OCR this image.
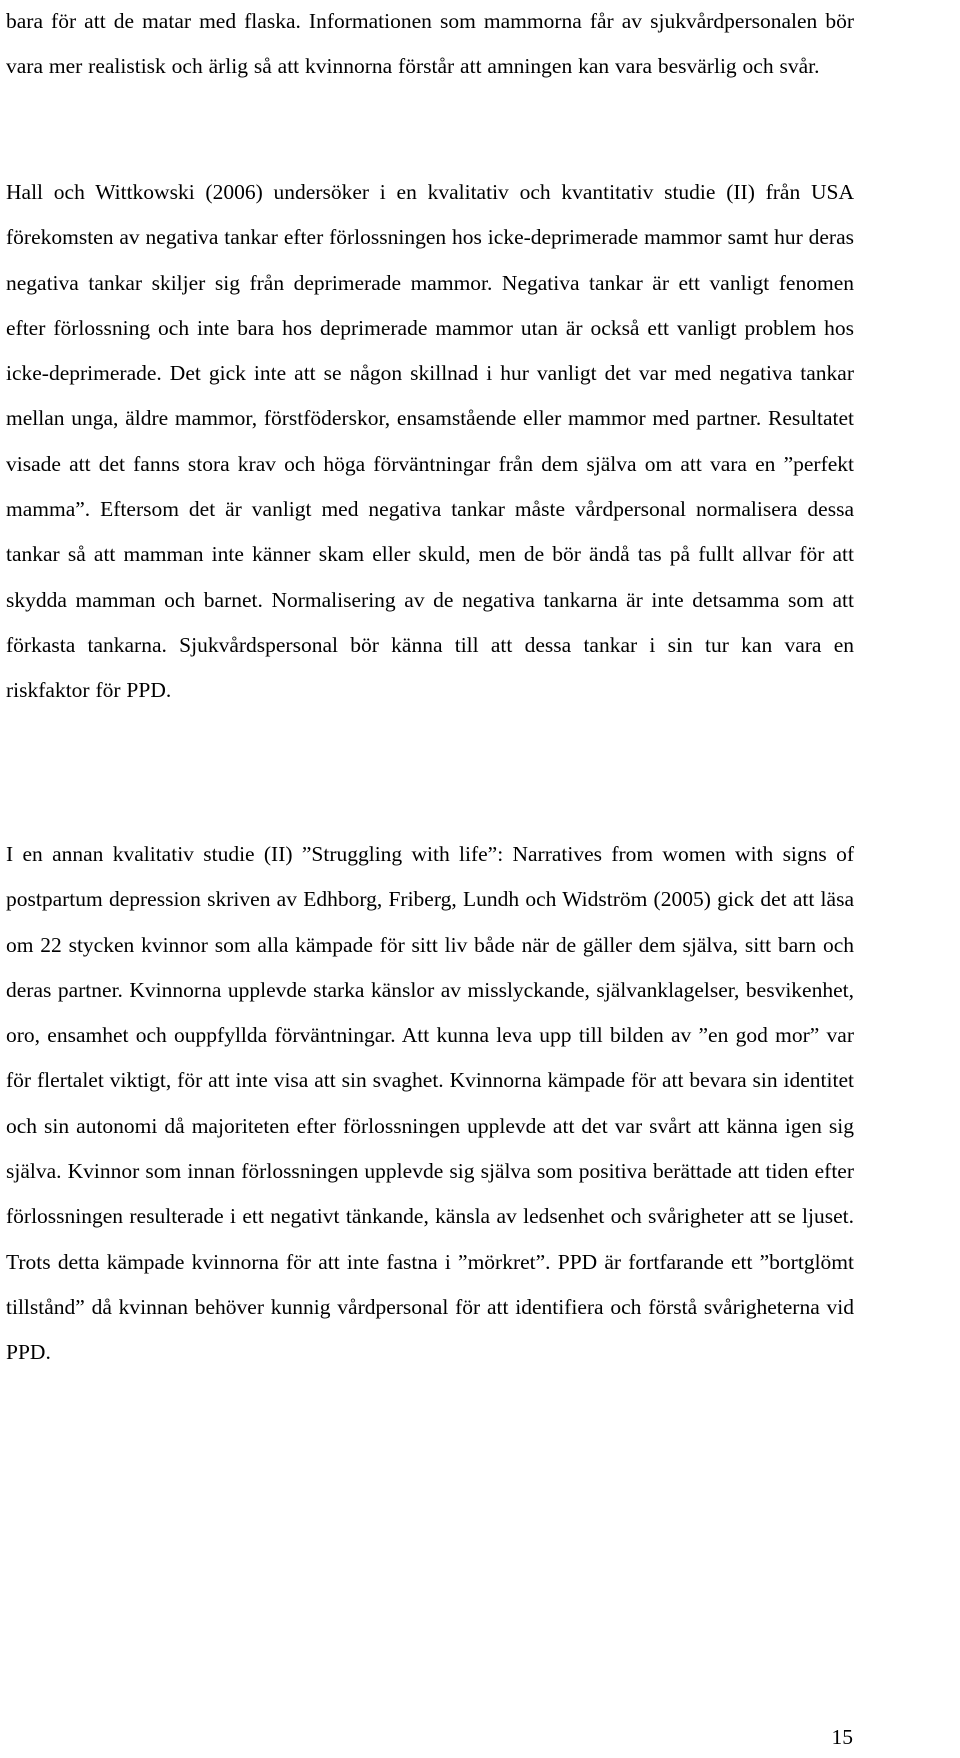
bara för att de matar med flaska. Informationen som mammorna får av sjukvårdpersonalen bör vara mer realistisk och ärlig så att kvinnorna förstår att amningen kan vara besvärlig och svår.

Hall och Wittkowski (2006) undersöker i en kvalitativ och kvantitativ studie (II) från USA förekomsten av negativa tankar efter förlossningen hos icke-deprimerade mammor samt hur deras negativa tankar skiljer sig från deprimerade mammor. Negativa tankar är ett vanligt fenomen efter förlossning och inte bara hos deprimerade mammor utan är också ett vanligt problem hos icke-deprimerade. Det gick inte att se någon skillnad i hur vanligt det var med negativa tankar mellan unga, äldre mammor, förstföderskor, ensamstående eller mammor med partner. Resultatet visade att det fanns stora krav och höga förväntningar från dem själva om att vara en ”perfekt mamma”. Eftersom det är vanligt med negativa tankar måste vårdpersonal normalisera dessa tankar så att mamman inte känner skam eller skuld, men de bör ändå tas på fullt allvar för att skydda mamman och barnet. Normalisering av de negativa tankarna är inte detsamma som att förkasta tankarna. Sjukvårdspersonal bör känna till att dessa tankar i sin tur kan vara en riskfaktor för PPD.

I en annan kvalitativ studie (II) ”Struggling with life”: Narratives from women with signs of postpartum depression skriven av Edhborg, Friberg, Lundh och Widström (2005) gick det att läsa om 22 stycken kvinnor som alla kämpade för sitt liv både när de gäller dem själva, sitt barn och deras partner. Kvinnorna upplevde starka känslor av misslyckande, självanklagelser, besvikenhet, oro, ensamhet och ouppfyllda förväntningar. Att kunna leva upp till bilden av ”en god mor” var för flertalet viktigt, för att inte visa att sin svaghet. Kvinnorna kämpade för att bevara sin identitet och sin autonomi då majoriteten efter förlossningen upplevde att det var svårt att känna igen sig själva. Kvinnor som innan förlossningen upplevde sig själva som positiva berättade att tiden efter förlossningen resulterade i ett negativt tänkande, känsla av ledsenhet och svårigheter att se ljuset. Trots detta kämpade kvinnorna för att inte fastna i ”mörkret”. PPD är fortfarande ett ”bortglömt tillstånd” då kvinnan behöver kunnig vårdpersonal för att identifiera och förstå svårigheterna vid PPD.

15
